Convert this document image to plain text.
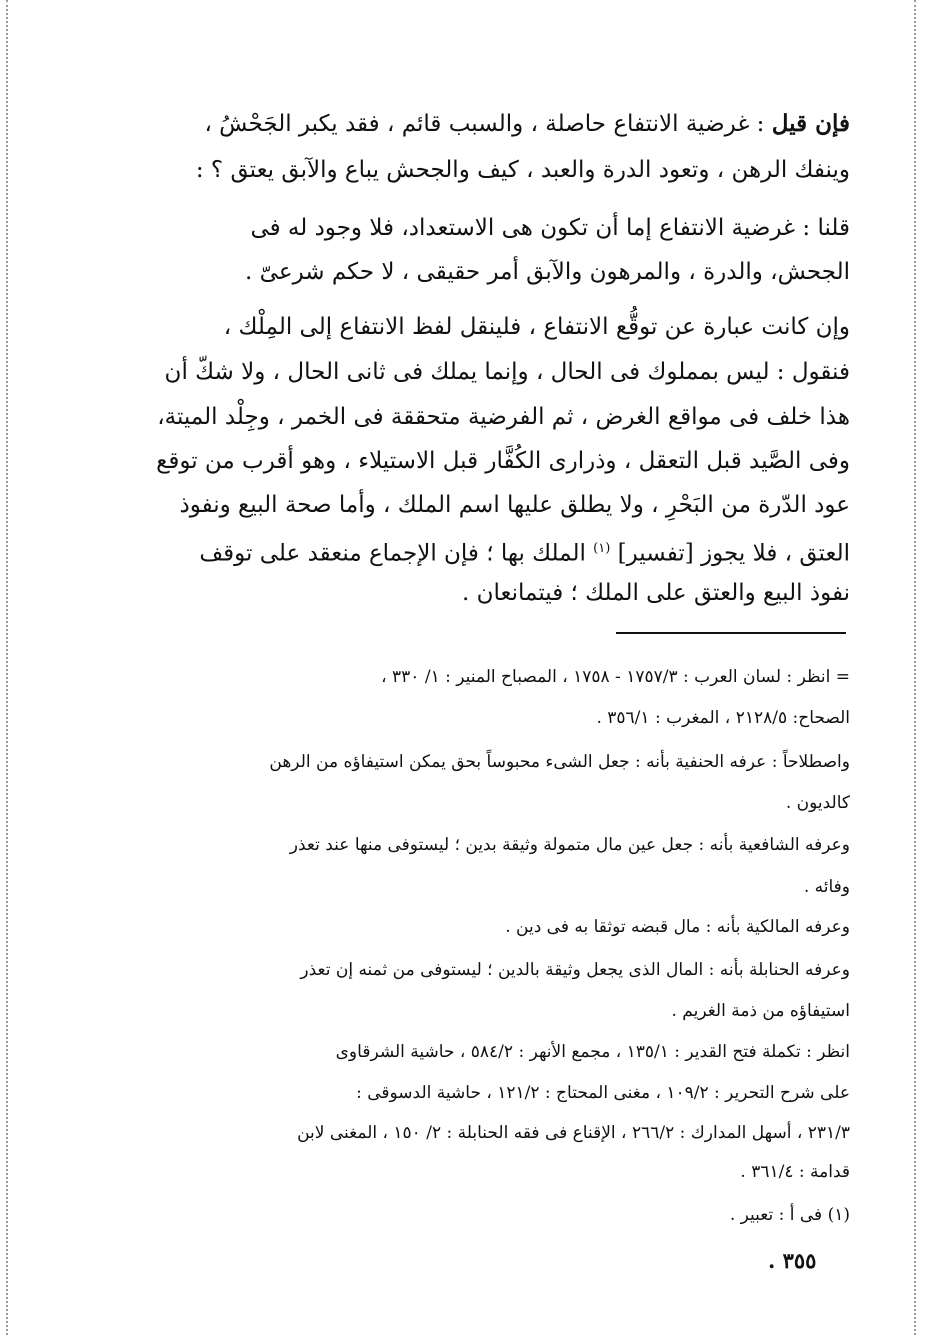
فإن قيل : غرضية الانتفاع حاصلة ، والسبب قائم ، فقد يكبر الجَحْشُ ،
وينفك الرهن ، وتعود الدرة والعبد ، كيف والجحش يباع والآبق يعتق ؟ :
قلنا : غرضية الانتفاع إما أن تكون هى الاستعداد، فلا وجود له فى
الجحش، والدرة ، والمرهون والآبق أمر حقيقى ، لا حكم شرعىّ .
وإن كانت عبارة عن توقُّع الانتفاع ، فلينقل لفظ الانتفاع إلى المِلْك ،
فنقول : ليس بمملوك فى الحال ، وإنما يملك فى ثانى الحال ، ولا شكّ أن
هذا خلف فى مواقع الغرض ، ثم الفرضية متحققة فى الخمر ، وجِلْد الميتة،
وفى الصَّيد قبل التعقل ، وذرارى الكُفَّار قبل الاستيلاء ، وهو أقرب من توقع
عود الدّرة من البَحْرِ ، ولا يطلق عليها اسم الملك ، وأما صحة البيع ونفوذ
العتق ، فلا يجوز [تفسير] $^{(١)}$ الملك بها ؛ فإن الإجماع منعقد على توقف
نفوذ البيع والعتق على الملك ؛ فيتمانعان .
= انظر : لسان العرب : ١٧٥٧/٣ - ١٧٥٨ ، المصباح المنير : ١/ ٣٣٠ ،
الصحاح: ٢١٢٨/٥ ، المغرب : ٣٥٦/١ .
واصطلاحاً : عرفه الحنفية بأنه : جعل الشىء محبوساً بحق يمكن استيفاؤه من الرهن
كالديون .
وعرفه الشافعية بأنه : جعل عين مال متمولة وثيقة بدين ؛ ليستوفى منها عند تعذر
وفائه .
وعرفه المالكية بأنه : مال قبضه توثقا به فى دين .
وعرفه الحنابلة بأنه : المال الذى يجعل وثيقة بالدين ؛ ليستوفى من ثمنه إن تعذر
استيفاؤه من ذمة الغريم .
انظر : تكملة فتح القدير : ١٣٥/١ ، مجمع الأنهر : ٥٨٤/٢ ، حاشية الشرقاوى
على شرح التحرير : ١٠٩/٢ ، مغنى المحتاج : ١٢١/٢ ، حاشية الدسوقى :
٢٣١/٣ ، أسهل المدارك : ٢٦٦/٢ ، الإقناع فى فقه الحنابلة : ٢/ ١٥٠ ، المغنى لابن
قدامة : ٣٦١/٤ .
(١) فى أ : تعبير .
٣٥٥ .
